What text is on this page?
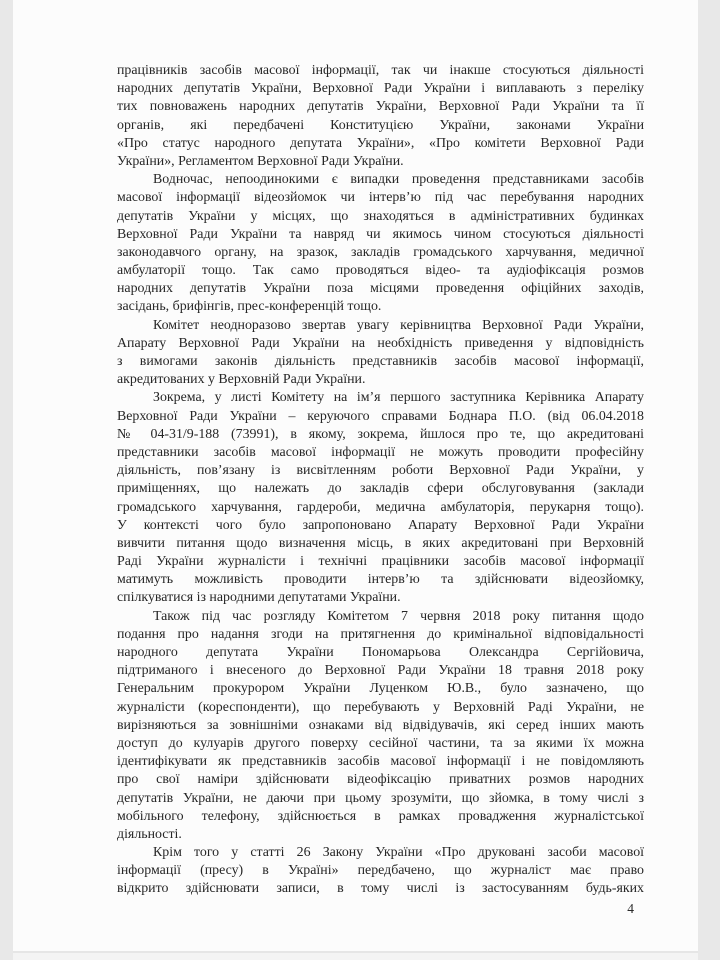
працівників засобів масової інформації, так чи інакше стосуються діяльності
народних депутатів України, Верховної Ради України і виплавають з переліку
тих повноважень народних депутатів України, Верховної Ради України та її
органів, які передбачені Конституцією України, законами України
«Про статус народного депутата України», «Про комітети Верховної Ради
України», Регламентом Верховної Ради України.
Водночас, непоодинокими є випадки проведення представниками засобів
масової інформації відеозйомок чи інтерв’ю під час перебування народних
депутатів України у місцях, що знаходяться в адміністративних будинках
Верховної Ради України та навряд чи якимось чином стосуються діяльності
законодавчого органу, на зразок, закладів громадського харчування, медичної
амбулаторії тощо. Так само проводяться відео- та аудіофіксація розмов
народних депутатів України поза місцями проведення офіційних заходів,
засідань, брифінгів, прес-конференцій тощо.
Комітет неодноразово звертав увагу керівництва Верховної Ради України,
Апарату Верховної Ради України на необхідність приведення у відповідність
з вимогами законів діяльність представників засобів масової інформації,
акредитованих у Верховній Ради України.
Зокрема, у листі Комітету на ім’я першого заступника Керівника Апарату
Верховної Ради України – керуючого справами Боднара П.О. (від 06.04.2018
№ 04-31/9-188 (73991), в якому, зокрема, йшлося про те, що акредитовані
представники засобів масової інформації не можуть проводити професійну
діяльність, пов’язану із висвітленням роботи Верховної Ради України, у
приміщеннях, що належать до закладів сфери обслуговування (заклади
громадського харчування, гардероби, медична амбулаторія, перукарня тощо).
У контексті чого було запропоновано Апарату Верховної Ради України
вивчити питання щодо визначення місць, в яких акредитовані при Верховній
Раді України журналісти і технічні працівники засобів масової інформації
матимуть можливість проводити інтерв’ю та здійснювати відеозйомку,
спілкуватися із народними депутатами України.
Також під час розгляду Комітетом 7 червня 2018 року питання щодо
подання про надання згоди на притягнення до кримінальної відповідальності
народного депутата України Пономарьова Олександра Сергійовича,
підтриманого і внесеного до Верховної Ради України 18 травня 2018 року
Генеральним прокурором України Луценком Ю.В., було зазначено, що
журналісти (кореспонденти), що перебувають у Верховній Раді України, не
вирізняються за зовнішніми ознаками від відвідувачів, які серед інших мають
доступ до кулуарів другого поверху сесійної частини, та за якими їх можна
ідентифікувати як представників засобів масової інформації і не повідомляють
про свої наміри здійснювати відеофіксацію приватних розмов народних
депутатів України, не даючи при цьому зрозуміти, що зйомка, в тому числі з
мобільного телефону, здійснюється в рамках провадження журналістської
діяльності.
Крім того у статті 26 Закону України «Про друковані засоби масової
інформації (пресу) в Україні» передбачено, що журналіст має право
відкрито здійснювати записи, в тому числі із застосуванням будь-яких
4
